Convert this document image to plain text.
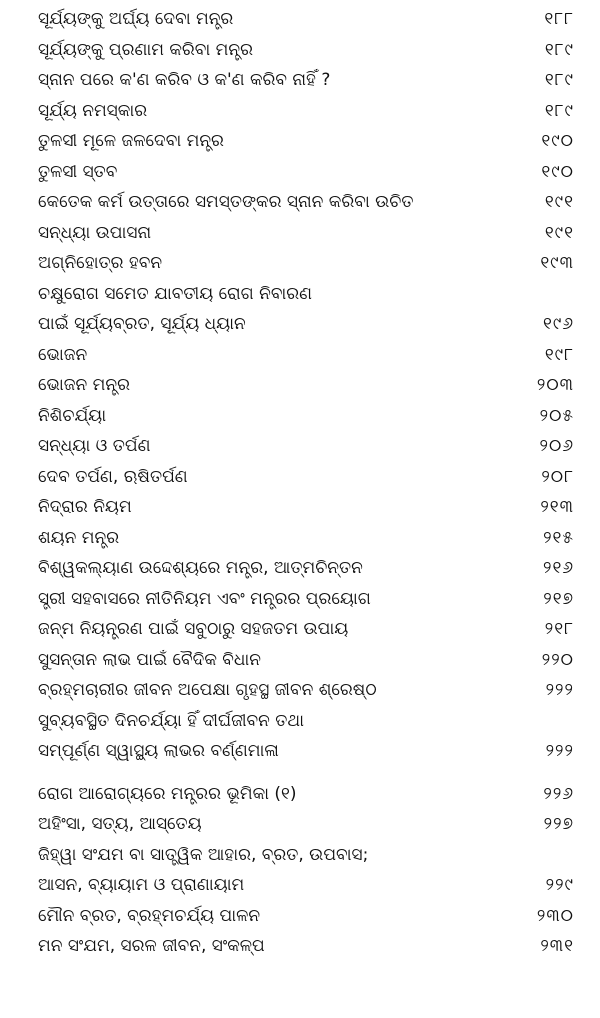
ସୂର୍ଯ୍ୟଙ୍କୁ ଅର୍ଘ୍ୟ ଦେବା ମନ୍ତ୍ର	୧୮୮
ସୂର୍ଯ୍ୟଙ୍କୁ ପ୍ରଣାମ କରିବା ମନ୍ତ୍ର	୧୮୯
ସ୍ନାନ ପରେ କ'ଣ କରିବ ଓ କ'ଣ କରିବ ନାହିଁ ?	୧୮୯
ସୂର୍ଯ୍ୟ ନମସ୍କାର	୧୮୯
ତୁଳସୀ ମୂଳେ ଜଳଦେବା ମନ୍ତ୍ର	୧୯୦
ତୁଳସୀ ସ୍ତବ	୧୯୦
କେତେକ କର୍ମ ଉତ୍ତାରେ ସମସ୍ତଙ୍କର ସ୍ନାନ କରିବା ଉଚିତ	୧୯୧
ସନ୍ଧ୍ୟା ଉପାସନା	୧୯୧
ଅଗ୍ନିହୋତ୍ର ହବନ	୧୯୩
ଚକ୍ଷୁରୋଗ ସମେତ ଯାବତୀୟ ରୋଗ ନିବାରଣ
ପାଇଁ ସୂର୍ଯ୍ୟବ୍ରତ, ସୂର୍ଯ୍ୟ ଧ୍ୟାନ	୧୯୬
ଭୋଜନ	୧୯୮
ଭୋଜନ ମନ୍ତ୍ର	୨୦୩
ନିଶିଚର୍ଯ୍ୟା	୨୦୫
ସନ୍ଧ୍ୟା ଓ ତର୍ପଣ	୨୦୬
ଦେବ ତର୍ପଣ, ଋଷିତର୍ପଣ	୨୦୮
ନିଦ୍ରାର ନିୟମ	୨୧୩
ଶୟନ ମନ୍ତ୍ର	୨୧୫
ବିଶ୍ୱକଲ୍ୟାଣ ଉଦ୍ଦେଶ୍ୟରେ ମନ୍ତ୍ର, ଆତ୍ମଚିନ୍ତନ	୨୧୬
ସ୍ତ୍ରୀ ସହବାସରେ ନୀତିନିୟମ ଏବଂ ମନ୍ତ୍ରର ପ୍ରୟୋଗ	୨୧୭
ଜନ୍ମ ନିୟନ୍ତ୍ରଣ ପାଇଁ ସବୁଠାରୁ ସହଜତମ ଉପାୟ	୨୧୮
ସୁସନ୍ତାନ ଲାଭ ପାଇଁ ବୈଦିକ ବିଧାନ	୨୨୦
ବ୍ରହ୍ମଚାରୀର ଜୀବନ ଅପେକ୍ଷା ଗୃହସ୍ଥ ଜୀବନ ଶ୍ରେଷ୍ଠ	୨୨୨
ସୁବ୍ୟବସ୍ଥିତ ଦିନଚର୍ଯ୍ୟା ହିଁ ଦୀର୍ଘଜୀବନ ତଥା
ସମ୍ପୂର୍ଣ୍ଣ ସ୍ୱାସ୍ଥ୍ୟ ଲାଭର ବର୍ଣ୍ଣମାଳା	୨୨୨
ରୋଗ ଆରୋଗ୍ୟରେ ମନ୍ତ୍ରର ଭୂମିକା (୧)	୨୨୬
ଅହିଂସା, ସତ୍ୟ, ଆସ୍ତେୟ	୨୨୭
ଜିହ୍ୱା ସଂଯମ ବା ସାତ୍ତ୍ୱିକ ଆହାର, ବ୍ରତ, ଉପବାସ;
ଆସନ, ବ୍ୟାୟାମ ଓ ପ୍ରାଣାୟାମ	୨୨୯
ମୌନ ବ୍ରତ, ବ୍ରହ୍ମଚର୍ଯ୍ୟ ପାଳନ	୨୩୦
ମନ ସଂଯମ, ସରଳ ଜୀବନ, ସଂକଳ୍ପ	୨୩୧
